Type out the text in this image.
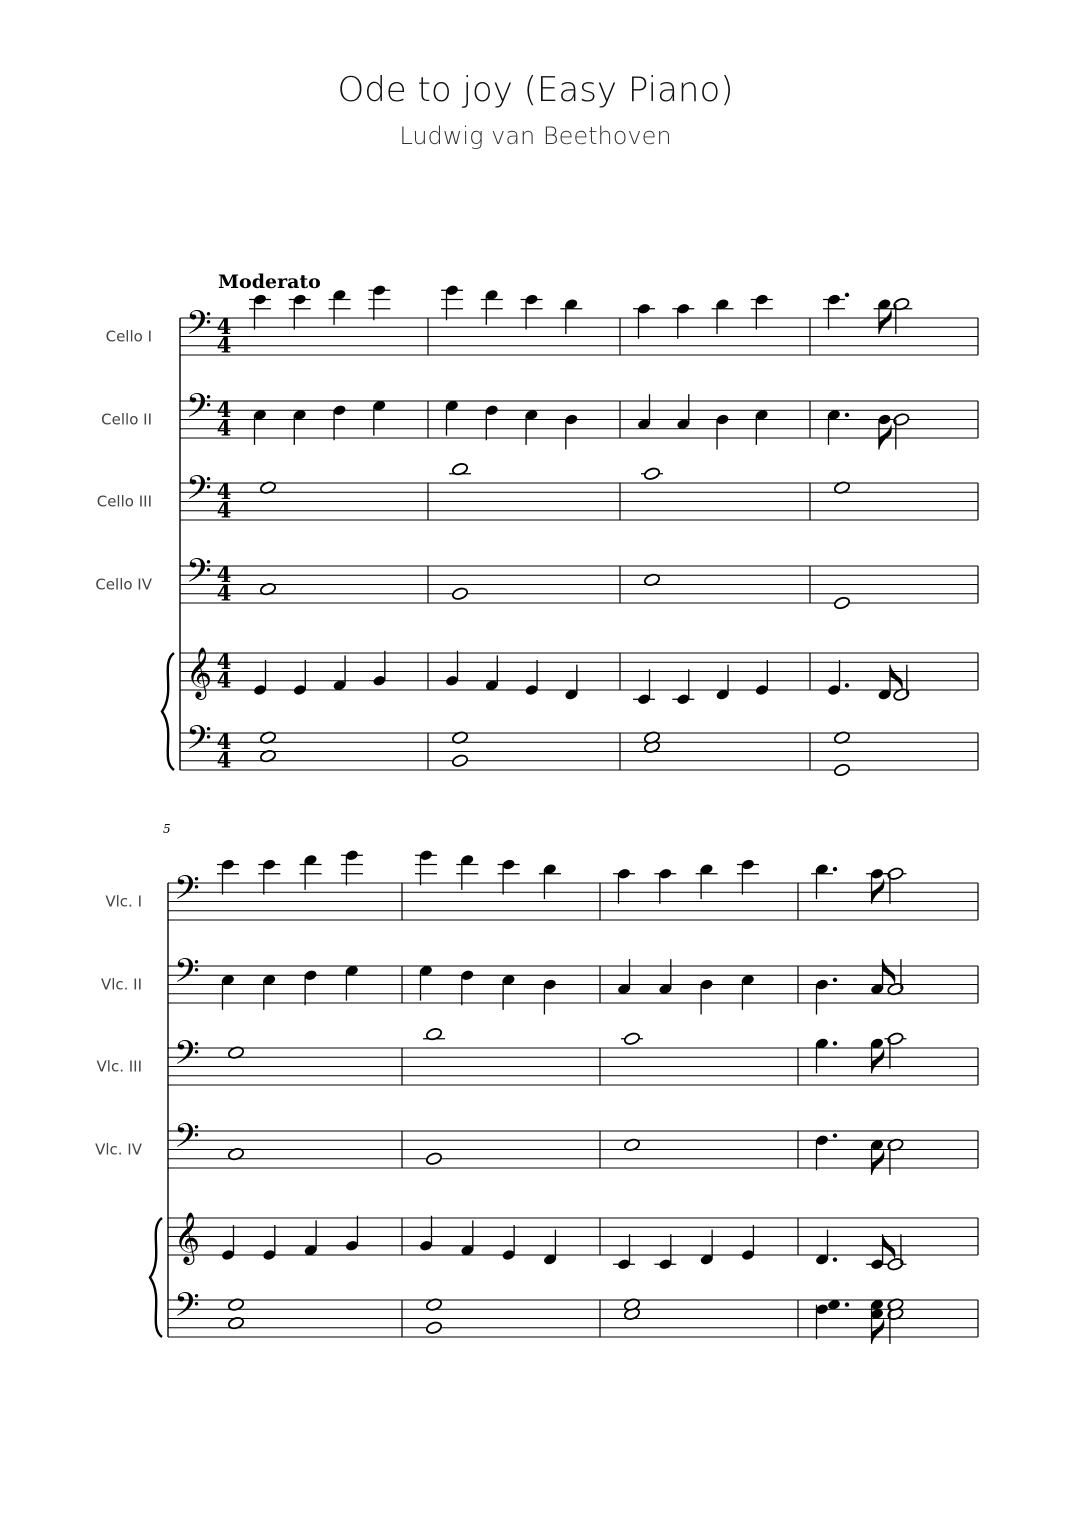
Ode to joy (Easy Piano)
Ludwig van Beethoven
Moderato
Cello I 𝄢 4
4
Cello II 𝄢 4
4
Cello III 𝄢 4
4
Cello IV 𝄢 4
4
𝄞 4
4
𝄢 4
4
5
Vlc. I 𝄢
Vlc. II 𝄢
Vlc. III 𝄢
Vlc. IV 𝄢
𝄞
𝄢
